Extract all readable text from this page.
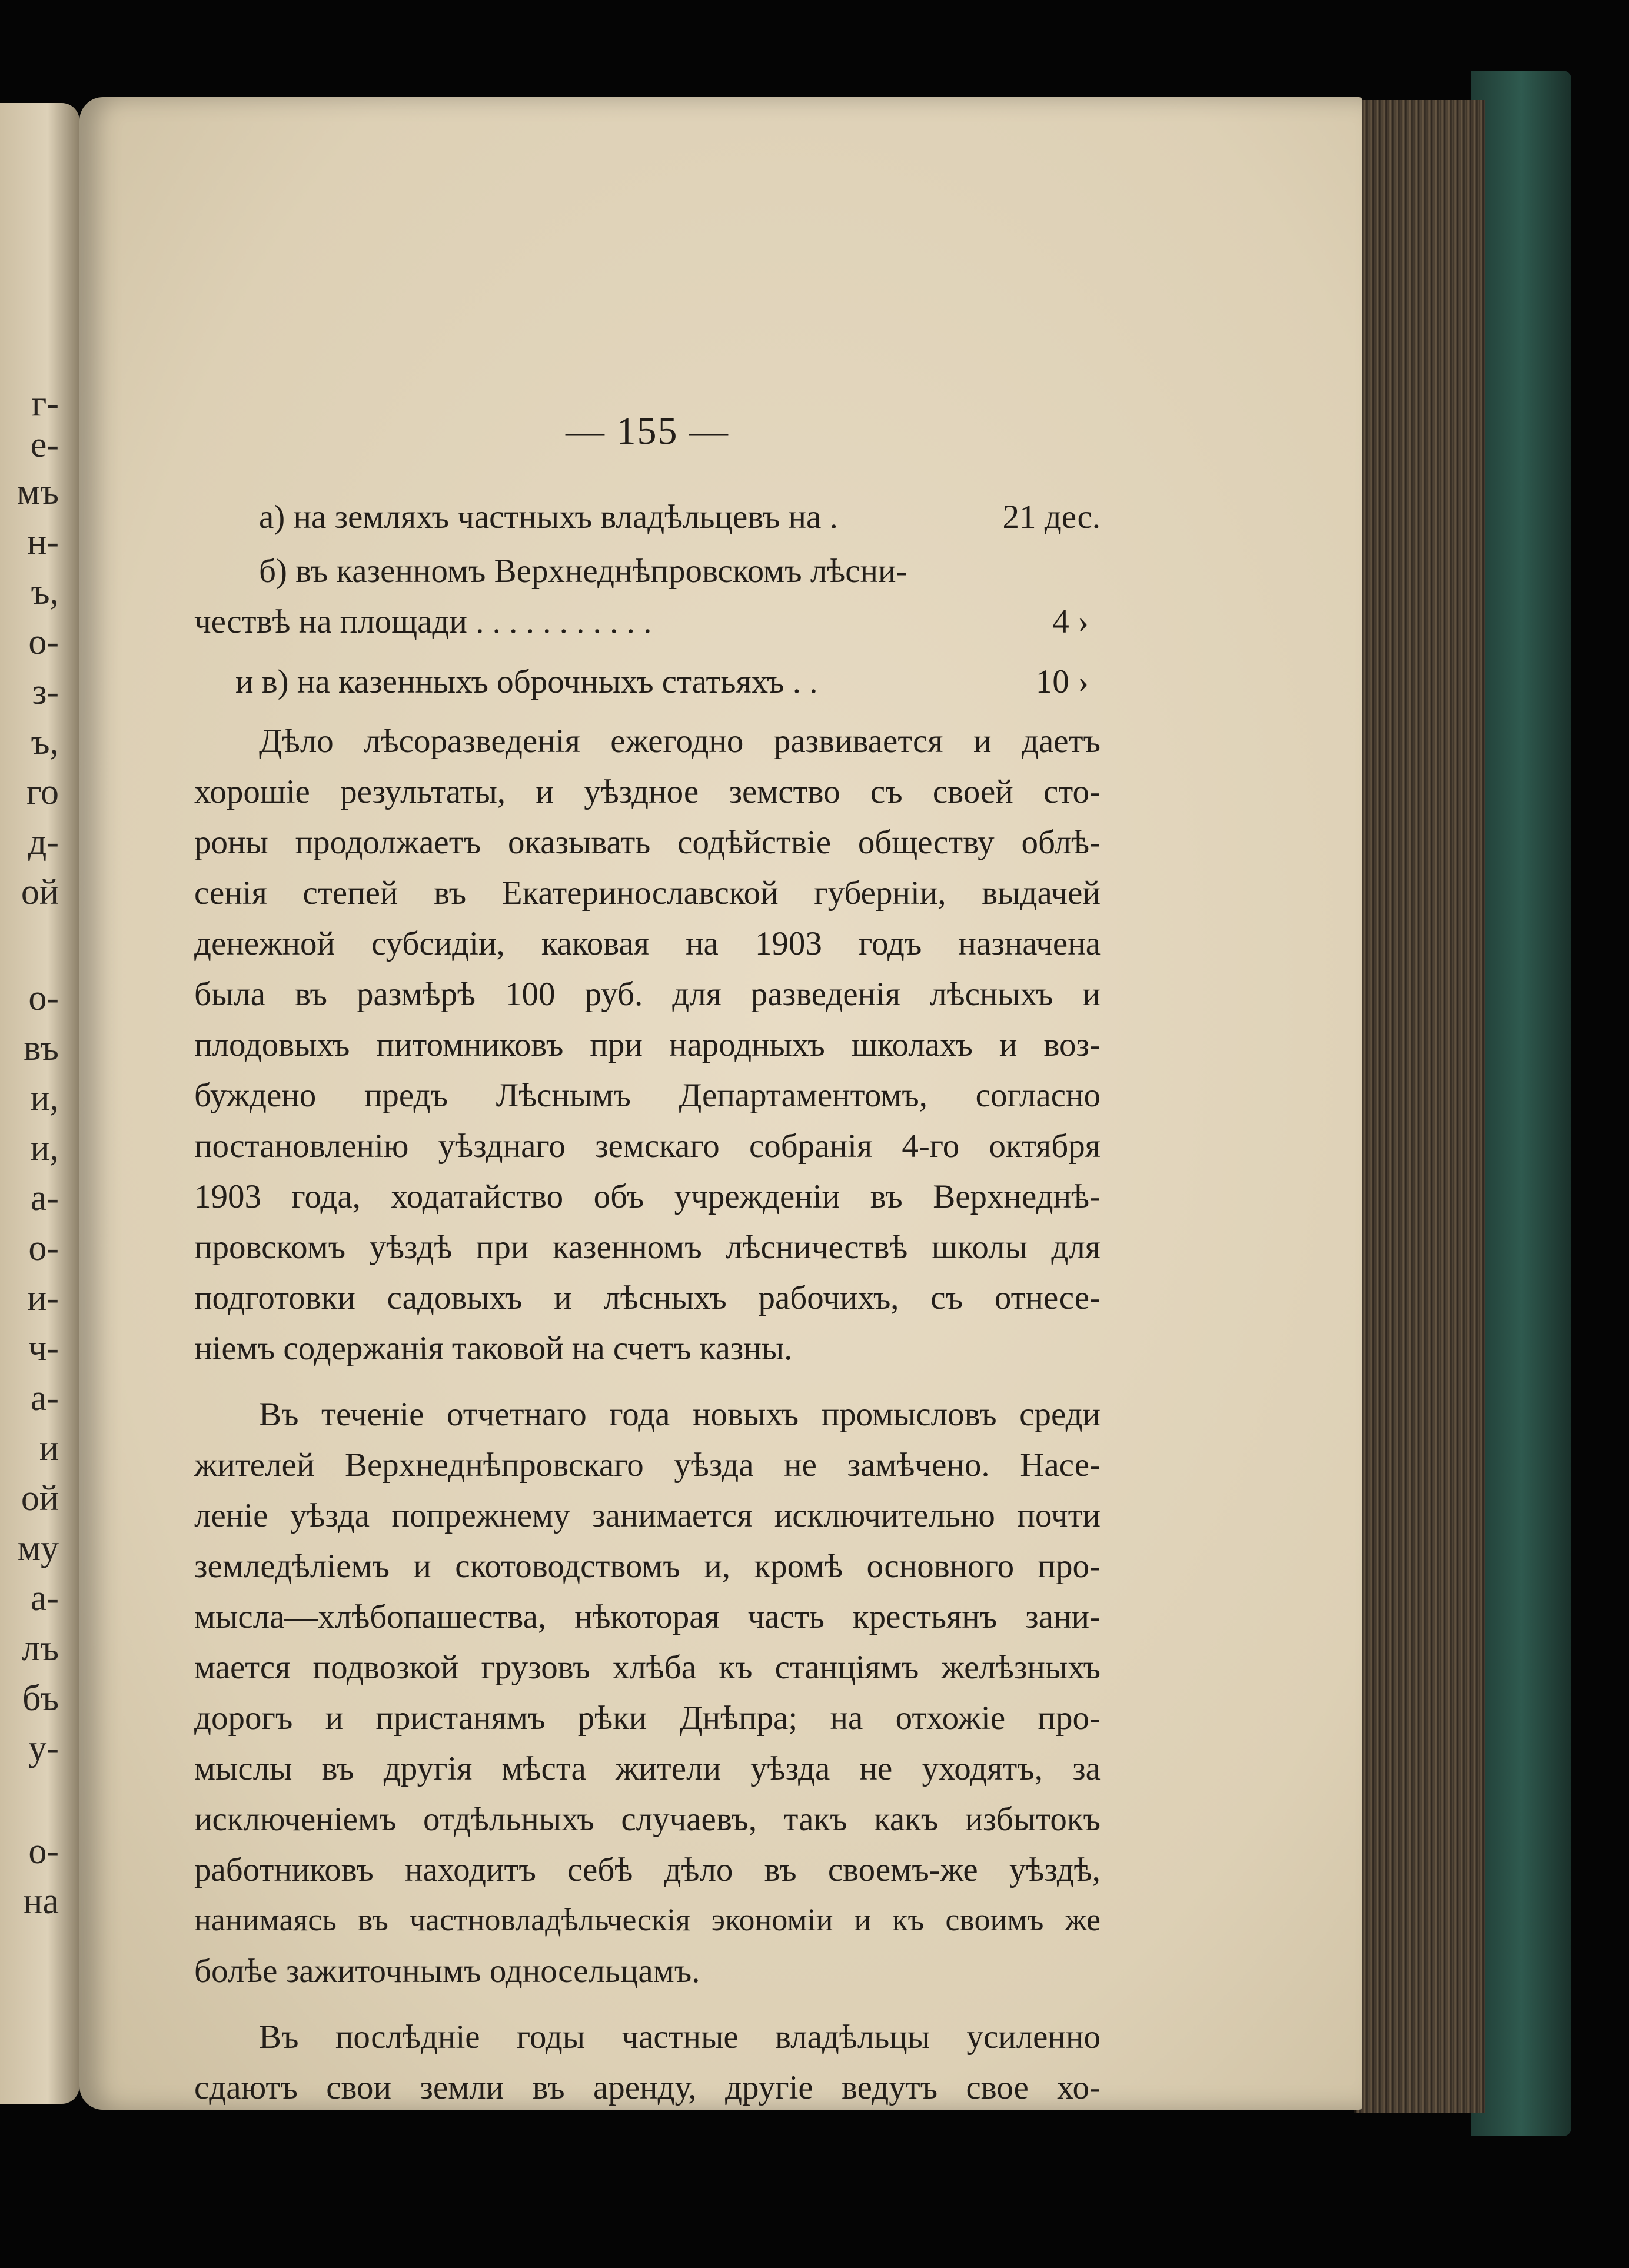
г-
е-
мъ
н-
ъ,
о-
з-
ъ,
го
д-
ой
о-
въ
и,
и,
а-
о-
и-
ч-
а-
и
ой
му
а-
лъ
бъ
у-
о-
на
— 155 —
а) на земляхъ частныхъ владѣльцевъ на .	21 дес.
б) въ казенномъ Верхнеднѣпровскомъ лѣсни-
чествѣ на площади . . . . . . . . . . .	4 ›
и в) на казенныхъ оброчныхъ статьяхъ . .	10 ›
Дѣло лѣсоразведенія ежегодно развивается и даетъ
хорошіе результаты, и уѣздное земство съ своей сто-
роны продолжаетъ оказывать содѣйствіе обществу облѣ-
сенія степей въ Екатеринославской губерніи, выдачей
денежной субсидіи, каковая на 1903 годъ назначена
была въ размѣрѣ 100 руб. для разведенія лѣсныхъ и
плодовыхъ питомниковъ при народныхъ школахъ и воз-
буждено предъ Лѣснымъ Департаментомъ, согласно
постановленію уѣзднаго земскаго собранія 4-го октября
1903 года, ходатайство объ учрежденіи въ Верхнеднѣ-
провскомъ уѣздѣ при казенномъ лѣсничествѣ школы для
подготовки садовыхъ и лѣсныхъ рабочихъ, съ отнесе-
ніемъ содержанія таковой на счетъ казны.
Въ теченіе отчетнаго года новыхъ промысловъ среди
жителей Верхнеднѣпровскаго уѣзда не замѣчено. Насе-
леніе уѣзда попрежнему занимается исключительно почти
земледѣліемъ и скотоводствомъ и, кромѣ основного про-
мысла—хлѣбопашества, нѣкоторая часть крестьянъ зани-
мается подвозкой грузовъ хлѣба къ станціямъ желѣзныхъ
дорогъ и пристанямъ рѣки Днѣпра; на отхожіе про-
мыслы въ другія мѣста жители уѣзда не уходятъ, за
исключеніемъ отдѣльныхъ случаевъ, такъ какъ избытокъ
работниковъ находитъ себѣ дѣло въ своемъ-же уѣздѣ,
нанимаясь въ частновладѣльческія экономіи и къ своимъ же
болѣе зажиточнымъ односельцамъ.
Въ послѣдніе годы частные владѣльцы усиленно
сдаютъ свои земли въ аренду, другіе ведутъ свое хо-
